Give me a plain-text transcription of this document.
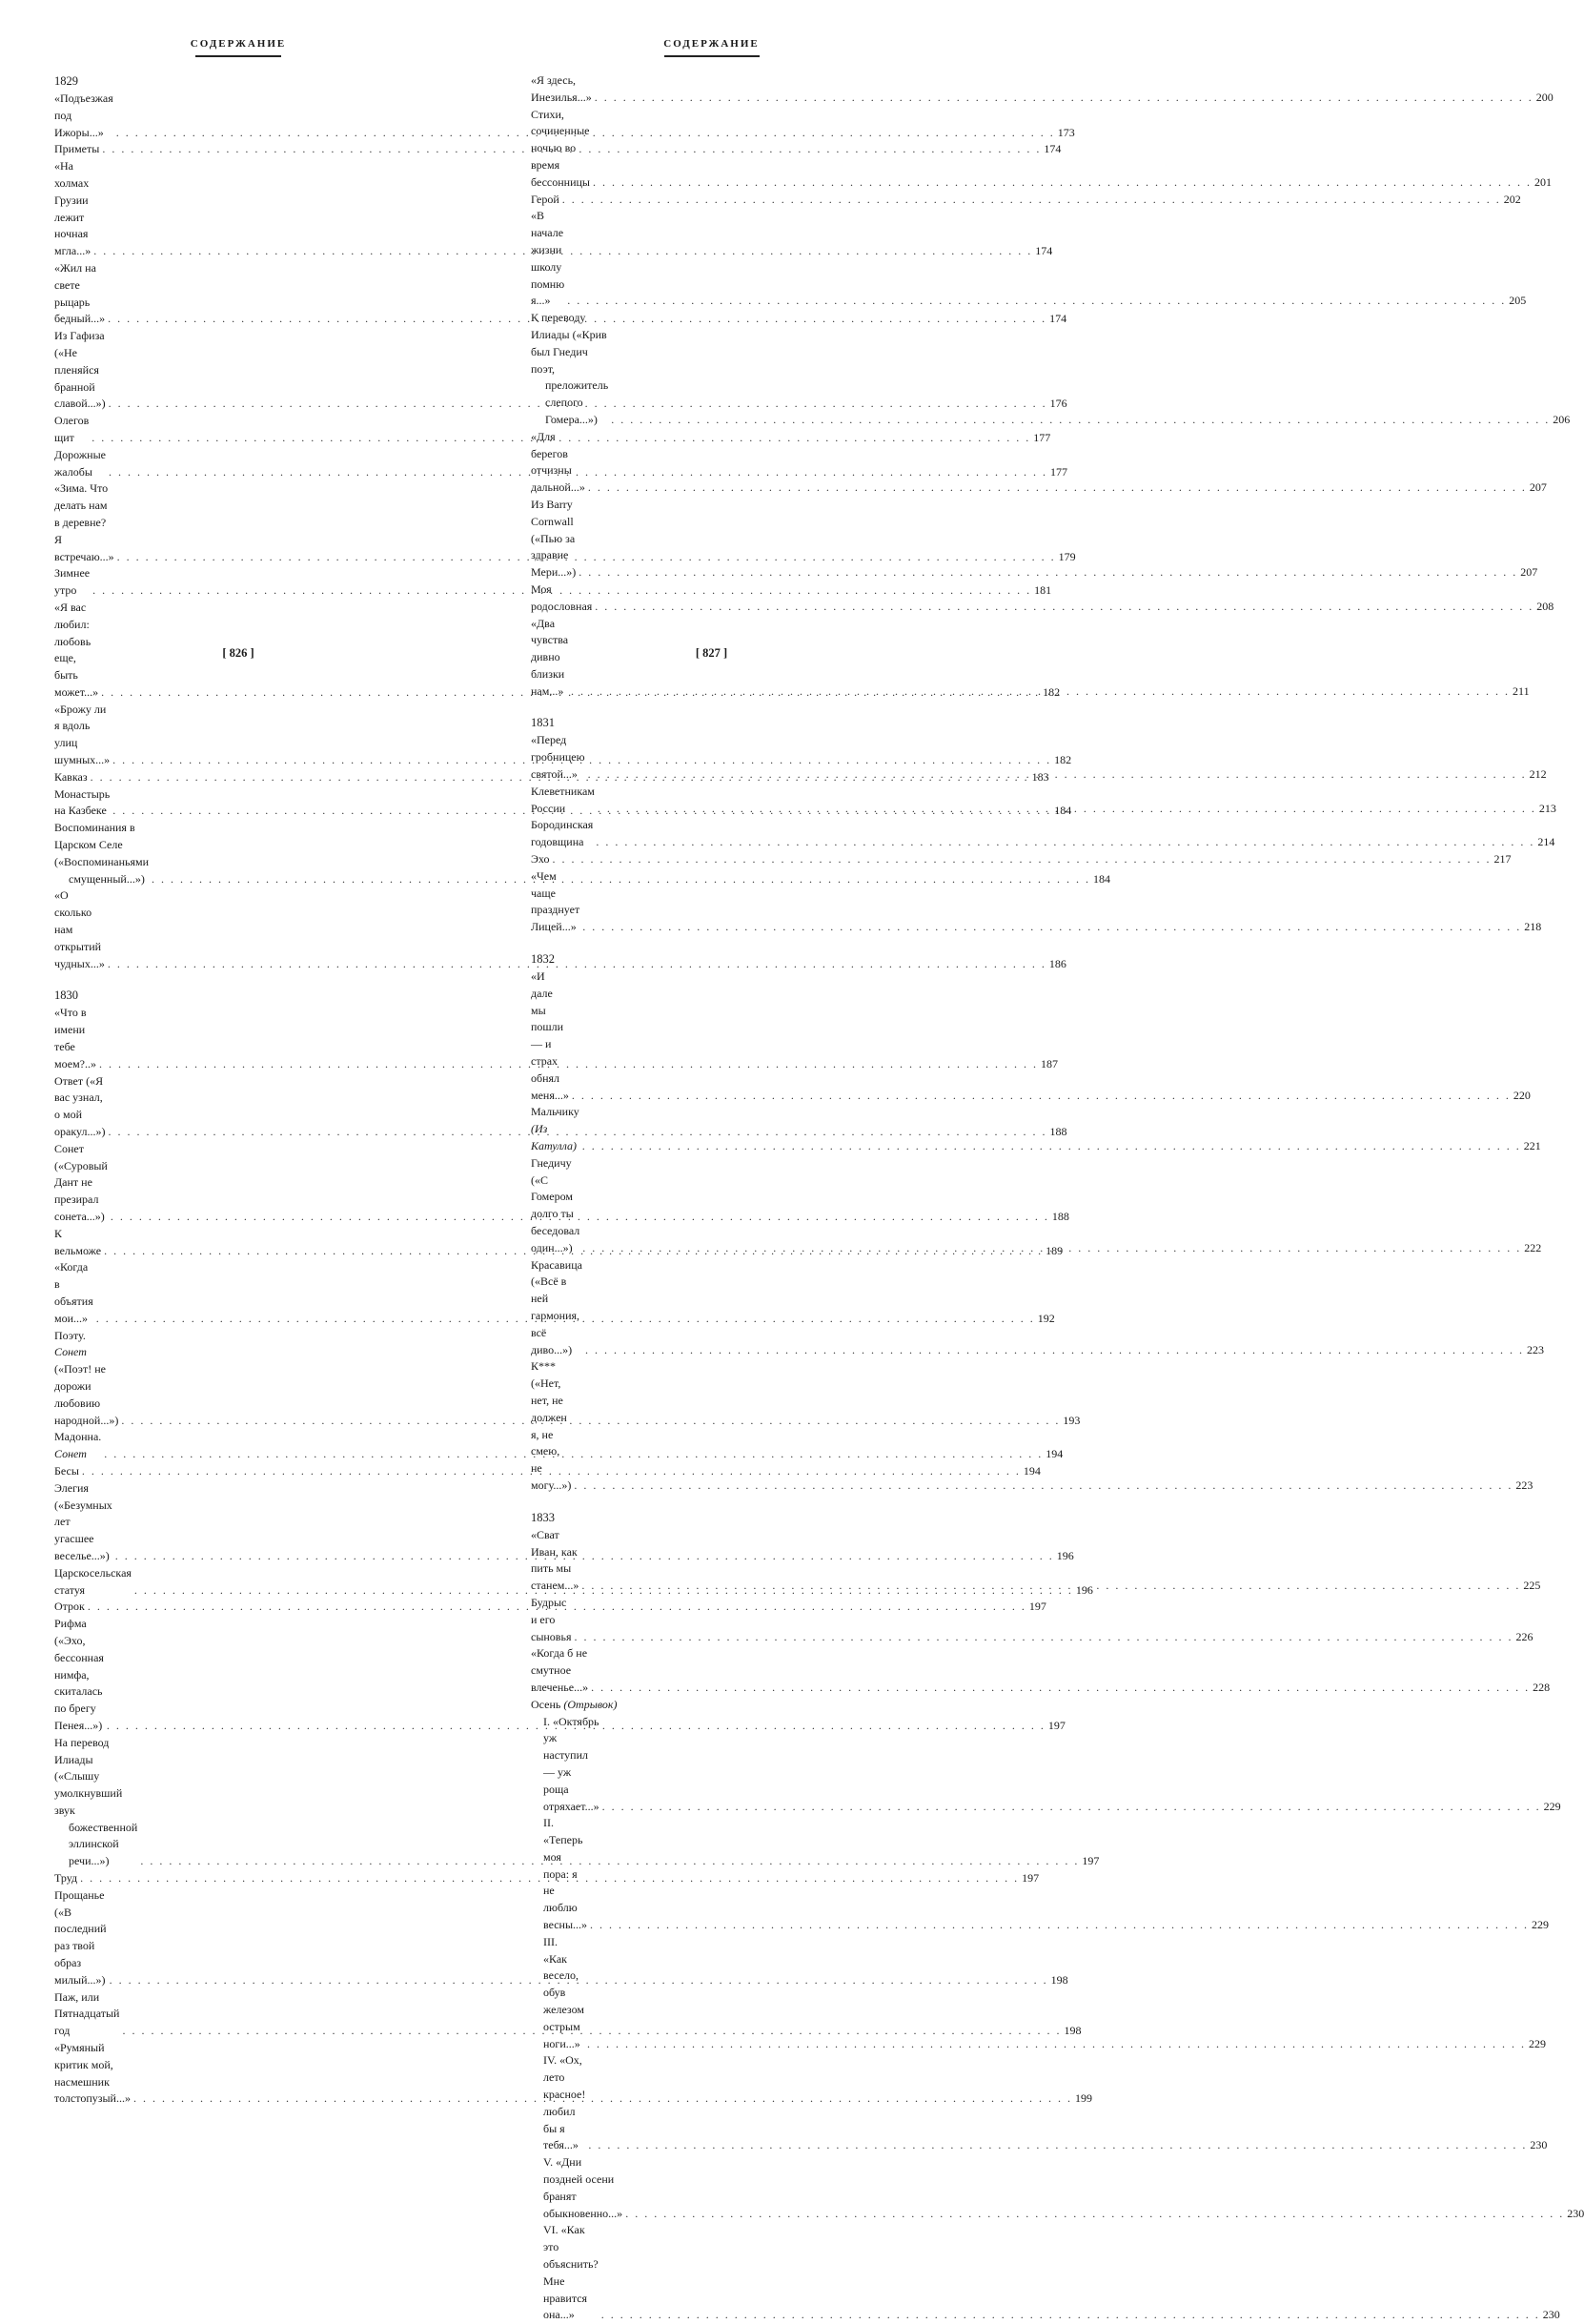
СОДЕРЖАНИЕ
1829
«Подъезжая под Ижоры...» . . .	173
Приметы . . .	174
«На холмах Грузии лежит ночная мгла...» . . .	174
«Жил на свете рыцарь бедный...» . . .	174
Из Гафиза («Не пленяйся бранной славой...») . . .	176
Олегов щит . . .	177
Дорожные жалобы . . .	177
«Зима. Что делать нам в деревне? Я встречаю...» . . .	179
Зимнее утро . . .	181
«Я вас любил: любовь еще, быть может...» . . .	182
«Брожу ли я вдоль улиц шумных...» . . .	182
Кавказ . . .	183
Монастырь на Казбеке . . .	184
Воспоминания в Царском Селе («Воспоминаньями
смущенный...») . . .	184
«О сколько нам открытий чудных...» . . .	186
1830
«Что в имени тебе моем?..» . . .	187
Ответ («Я вас узнал, о мой оракул...») . . .	188
Сонет («Суровый Дант не презирал сонета...») . . .	188
К вельможе . . .	189
«Когда в объятия мои...» . . .	192
Поэту. Сонет («Поэт! не дорожи любовию народной...») . . .	193
Мадонна. Сонет . . .	194
Бесы . . .	194
Элегия («Безумных лет угасшее веселье...») . . .	196
Царскосельская статуя . . .	196
Отрок . . .	197
Рифма («Эхо, бессонная нимфа, скиталась по брегу Пенея...») . . .	197
На перевод Илиады («Слышу умолкнувший звук
божественной эллинской речи...») . . .	197
Труд . . .	197
Прощанье («В последний раз твой образ милый...») . . .	198
Паж, или Пятнадцатый год . . .	198
«Румяный критик мой, насмешник толстопузый...» . . .	199
[ 826 ]
СОДЕРЖАНИЕ
«Я здесь, Инезилья...» . . .	200
Стихи, сочиненные ночью во время бессонницы . . .	201
Герой . . .	202
«В начале жизни школу помню я...» . . .	205
К переводу Илиады («Крив был Гнедич поэт,
преложитель слепого Гомера...») . . .	206
«Для берегов отчизны дальной...» . . .	207
Из Barry Cornwall («Пью за здравие Мери...») . . .	207
Моя родословная . . .	208
«Два чувства дивно близки нам...» . . .	211
1831
«Перед гробницею святой...» . . .	212
Клеветникам России . . .	213
Бородинская годовщина . . .	214
Эхо . . .	217
«Чем чаще празднует Лицей...» . . .	218
1832
«И дале мы пошли — и страх обнял меня...» . . .	220
Мальчику (Из Катулла) . . .	221
Гнедичу («С Гомером долго ты беседовал один...») . . .	222
Красавица («Всё в ней гармония, всё диво...») . . .	223
К*** («Нет, нет, не должен я, не смею, не могу...») . . .	223
1833
«Сват Иван, как пить мы станем...» . . .	225
Будрыс и его сыновья . . .	226
«Когда б не смутное влеченье...» . . .	228
Осень (Отрывок)
I. «Октябрь уж наступил — уж роща отряхает...» . . .	229
II. «Теперь моя пора: я не люблю весны...» . . .	229
III. «Как весело, обув железом острым ноги...» . . .	229
IV. «Ох, лето красное! любил бы я тебя...» . . .	230
V. «Дни поздней осени бранят обыкновенно...» . . .	230
VI. «Как это объяснить? Мне нравится она...» . . .	230
[ 827 ]
